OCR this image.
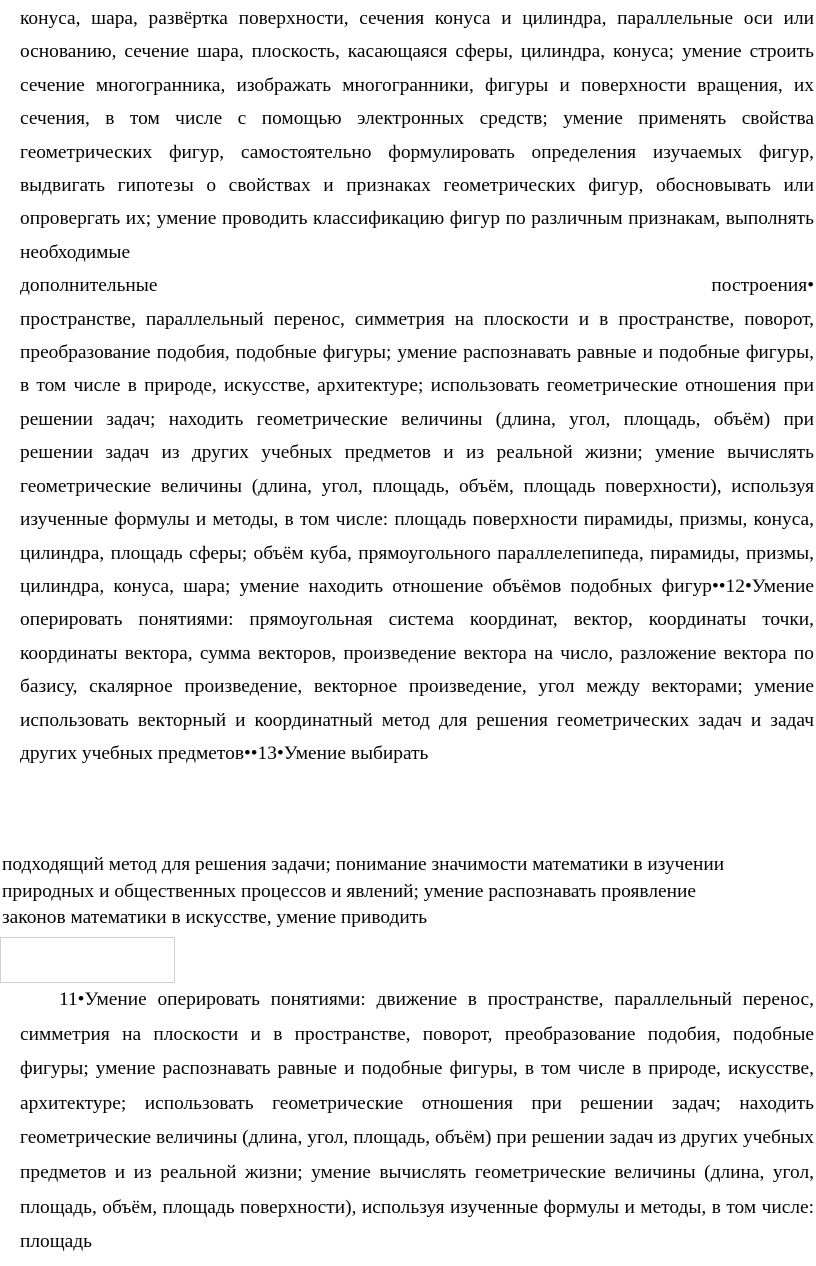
конуса, шара, развёртка поверхности, сечения конуса и цилиндра, параллельные оси или основанию, сечение шара, плоскость, касающаяся сферы, цилиндра, конуса; умение строить сечение многогранника, изображать многогранники, фигуры и поверхности вращения, их сечения, в том числе с помощью электронных средств; умение применять свойства геометрических фигур, самостоятельно формулировать определения изучаемых фигур, выдвигать гипотезы о свойствах и признаках геометрических фигур, обосновывать или опровергать их; умение проводить классификацию фигур по различным признакам, выполнять необходимые
дополнительные	построения•
пространстве, параллельный перенос, симметрия на плоскости и в пространстве, поворот, преобразование подобия, подобные фигуры; умение распознавать равные и подобные фигуры, в том числе в природе, искусстве, архитектуре; использовать геометрические отношения при решении задач; находить геометрические величины (длина, угол, площадь, объём) при решении задач из других учебных предметов и из реальной жизни; умение вычислять геометрические величины (длина, угол, площадь, объём, площадь поверхности), используя изученные формулы и методы, в том числе: площадь поверхности пирамиды, призмы, конуса, цилиндра, площадь сферы; объём куба, прямоугольного параллелепипеда, пирамиды, призмы, цилиндра, конуса, шара; умение находить отношение объёмов подобных фигур••12•Умение оперировать понятиями: прямоугольная система координат, вектор, координаты точки, координаты вектора, сумма векторов, произведение вектора на число, разложение вектора по базису, скалярное произведение, векторное произведение, угол между векторами; умение использовать векторный и координатный метод для решения геометрических задач и задач других учебных предметов••13•Умение выбирать

подходящий метод для решения задачи; понимание значимости математики в изучении природных и общественных процессов и явлений; умение распознавать проявление законов математики в искусстве, умение приводить

11•Умение оперировать понятиями: движение в пространстве, параллельный перенос, симметрия на плоскости и в пространстве, поворот, преобразование подобия, подобные фигуры; умение распознавать равные и подобные фигуры, в том числе в природе, искусстве, архитектуре; использовать геометрические отношения при решении задач; находить геометрические величины (длина, угол, площадь, объём) при решении задач из других учебных предметов и из реальной жизни; умение вычислять геометрические величины (длина, угол, площадь, объём, площадь поверхности), используя изученные формулы и методы, в том числе: площадь
